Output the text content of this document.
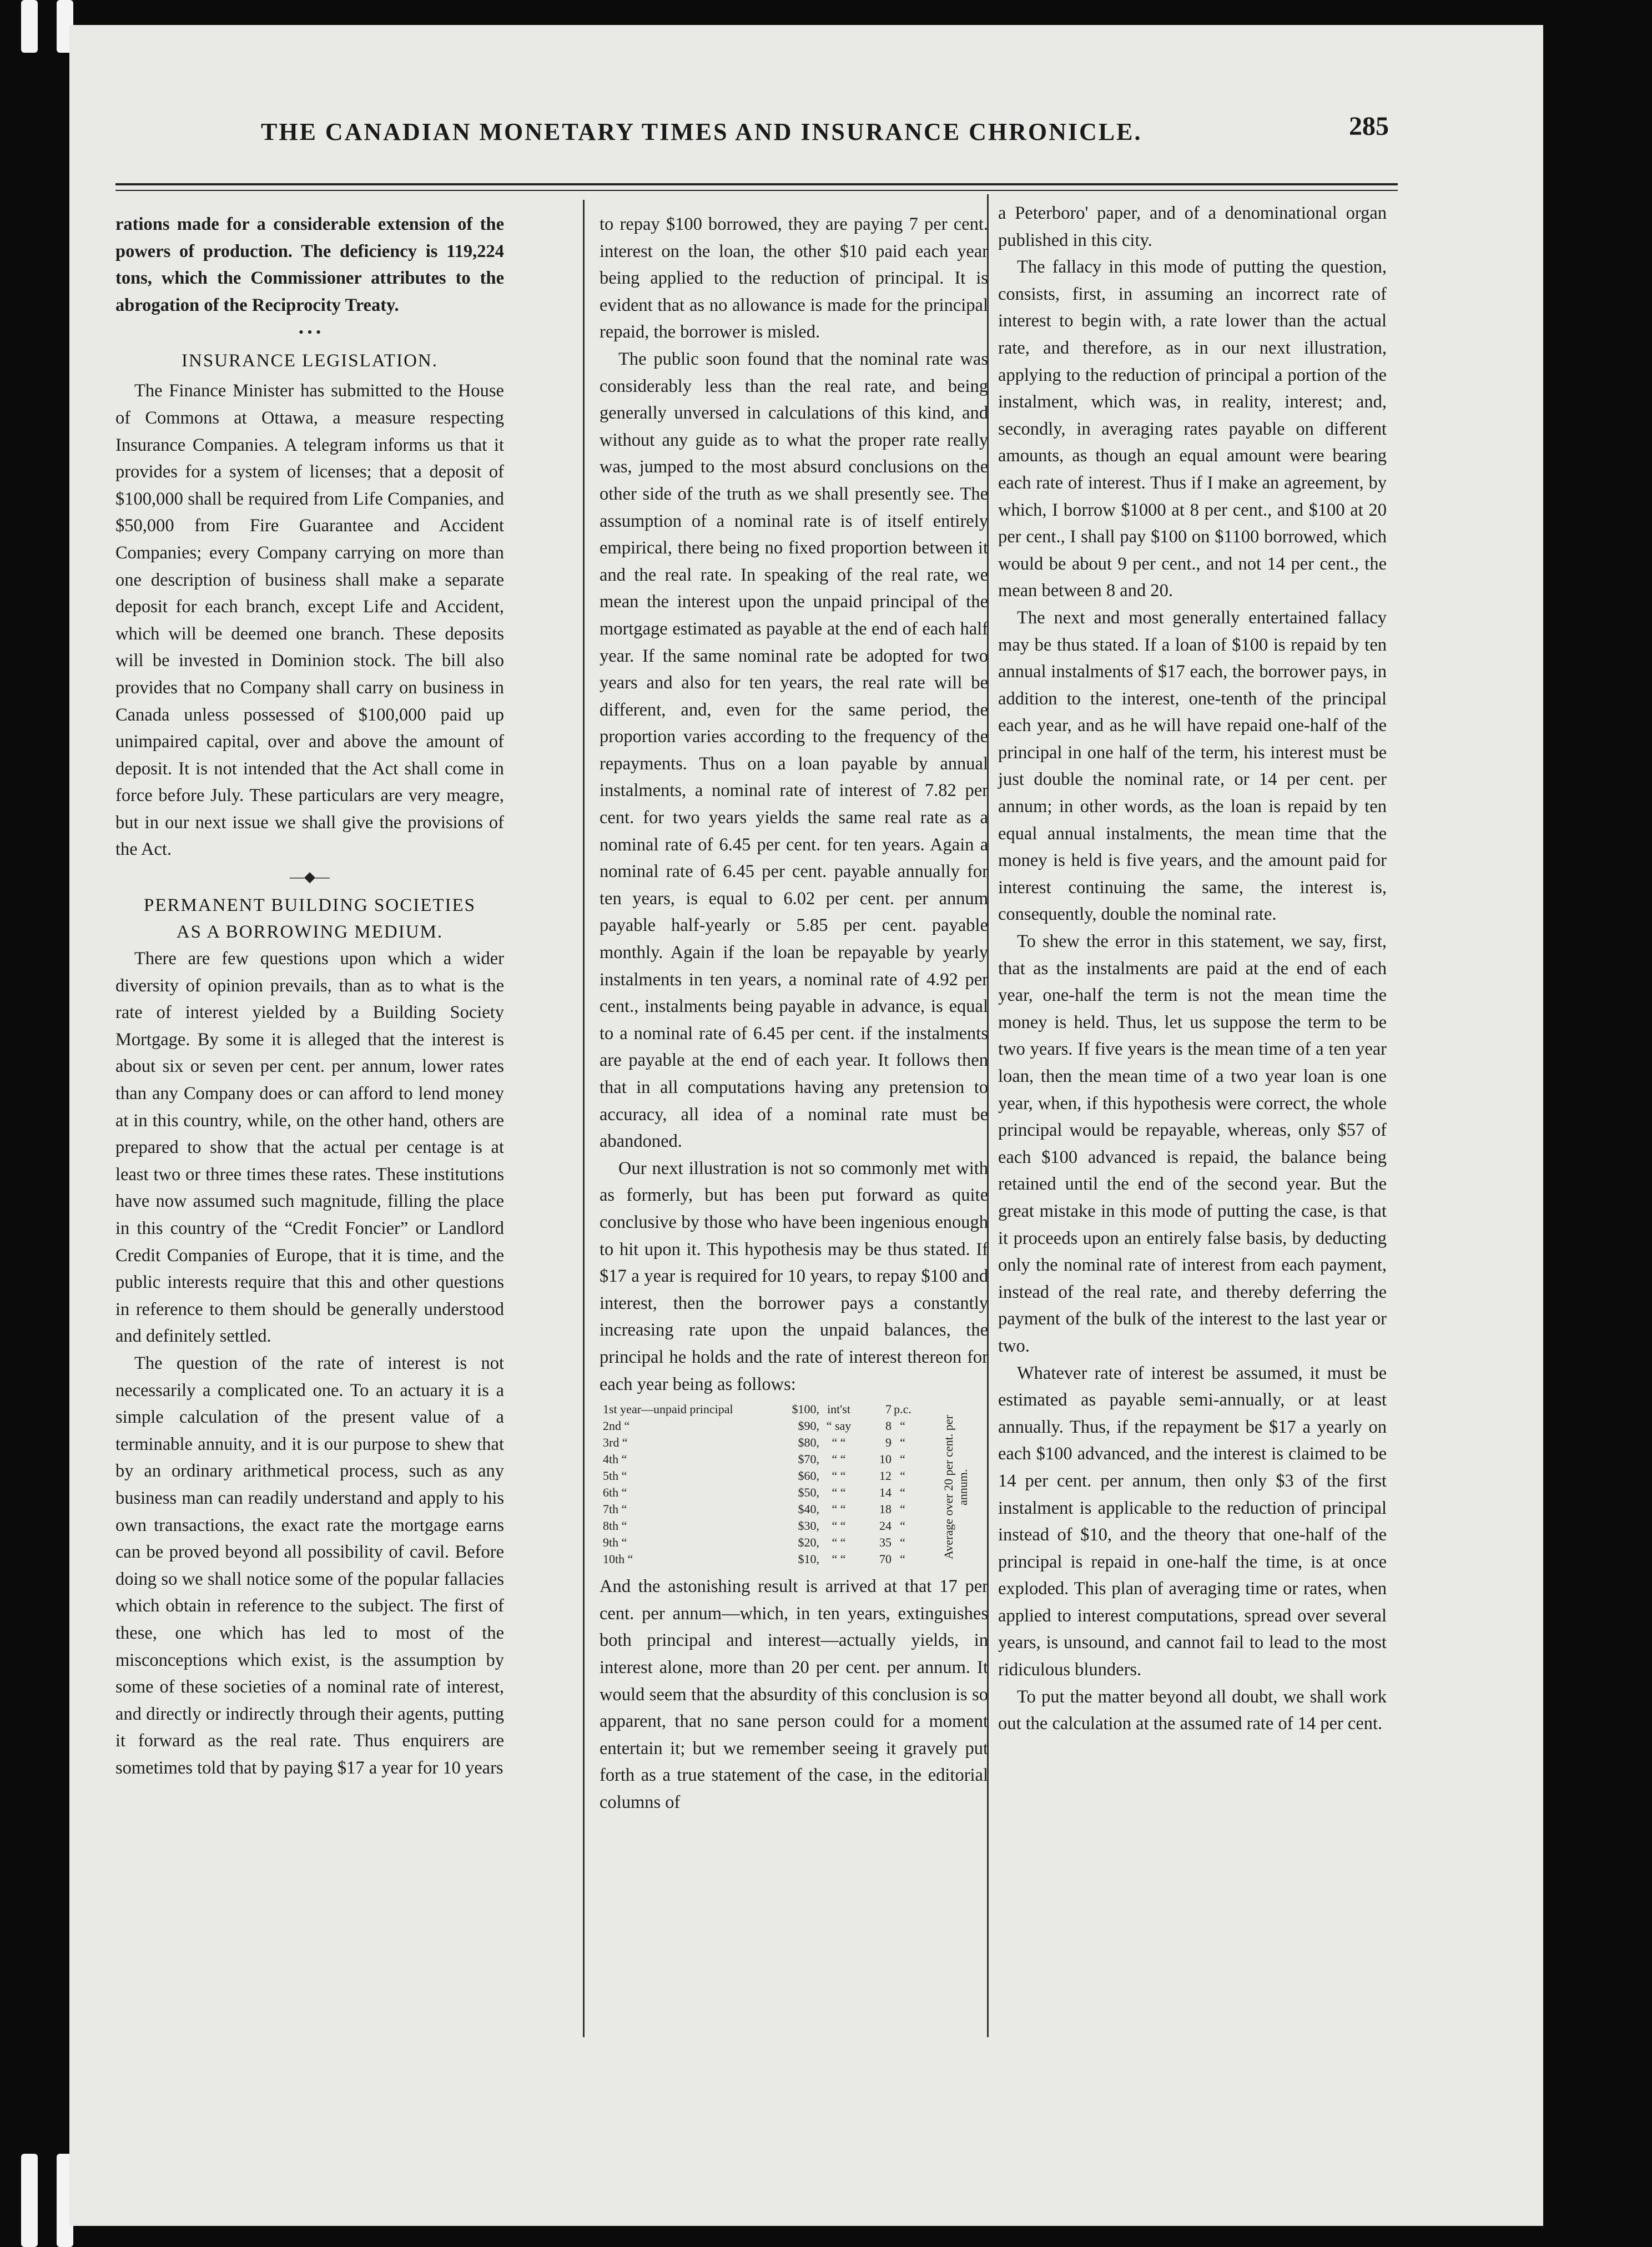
THE CANADIAN MONETARY TIMES AND INSURANCE CHRONICLE.	285

rations made for a considerable extension of the powers of production. The deficiency is 119,224 tons, which the Commissioner attributes to the abrogation of the Reciprocity Treaty.

• • •

INSURANCE LEGISLATION.

The Finance Minister has submitted to the House of Commons at Ottawa, a measure respecting Insurance Companies. A telegram informs us that it provides for a system of licenses; that a deposit of $100,000 shall be required from Life Companies, and $50,000 from Fire Guarantee and Accident Companies; every Company carrying on more than one description of business shall make a separate deposit for each branch, except Life and Accident, which will be deemed one branch. These deposits will be invested in Dominion stock. The bill also provides that no Company shall carry on business in Canada unless possessed of $100,000 paid up unimpaired capital, over and above the amount of deposit. It is not intended that the Act shall come in force before July. These particulars are very meagre, but in our next issue we shall give the provisions of the Act.

—◆—

PERMANENT BUILDING SOCIETIES
AS A BORROWING MEDIUM.

There are few questions upon which a wider diversity of opinion prevails, than as to what is the rate of interest yielded by a Building Society Mortgage. By some it is alleged that the interest is about six or seven per cent. per annum, lower rates than any Company does or can afford to lend money at in this country, while, on the other hand, others are prepared to show that the actual per centage is at least two or three times these rates. These institutions have now assumed such magnitude, filling the place in this country of the “Credit Foncier” or Landlord Credit Companies of Europe, that it is time, and the public interests require that this and other questions in reference to them should be generally understood and definitely settled.

The question of the rate of interest is not necessarily a complicated one. To an actuary it is a simple calculation of the present value of a terminable annuity, and it is our purpose to shew that by an ordinary arithmetical process, such as any business man can readily understand and apply to his own transactions, the exact rate the mortgage earns can be proved beyond all possibility of cavil. Before doing so we shall notice some of the popular fallacies which obtain in reference to the subject. The first of these, one which has led to most of the misconceptions which exist, is the assumption by some of these societies of a nominal rate of interest, and directly or indirectly through their agents, putting it forward as the real rate. Thus enquirers are sometimes told that by paying $17 a year for 10 years

to repay $100 borrowed, they are paying 7 per cent. interest on the loan, the other $10 paid each year being applied to the reduction of principal. It is evident that as no allowance is made for the principal repaid, the borrower is misled.

The public soon found that the nominal rate was considerably less than the real rate, and being generally unversed in calculations of this kind, and without any guide as to what the proper rate really was, jumped to the most absurd conclusions on the other side of the truth as we shall presently see. The assumption of a nominal rate is of itself entirely empirical, there being no fixed proportion between it and the real rate. In speaking of the real rate, we mean the interest upon the unpaid principal of the mortgage estimated as payable at the end of each half year. If the same nominal rate be adopted for two years and also for ten years, the real rate will be different, and, even for the same period, the proportion varies according to the frequency of the repayments. Thus on a loan payable by annual instalments, a nominal rate of interest of 7.82 per cent. for two years yields the same real rate as a nominal rate of 6.45 per cent. for ten years. Again a nominal rate of 6.45 per cent. payable annually for ten years, is equal to 6.02 per cent. per annum payable half-yearly or 5.85 per cent. payable monthly. Again if the loan be repayable by yearly instalments in ten years, a nominal rate of 4.92 per cent., instalments being payable in advance, is equal to a nominal rate of 6.45 per cent. if the instalments are payable at the end of each year. It follows then that in all computations having any pretension to accuracy, all idea of a nominal rate must be abandoned.

Our next illustration is not so commonly met with as formerly, but has been put forward as quite conclusive by those who have been ingenious enough to hit upon it. This hypothesis may be thus stated. If $17 a year is required for 10 years, to repay $100 and interest, then the borrower pays a constantly increasing rate upon the unpaid balances, the principal he holds and the rate of interest thereon for each year being as follows:

1st year—unpaid principal	$100, int'st	7 p.c.
2nd “	$90, “ say	8 “
3rd “	$80,	“ “	9 “
4th “	$70,	“ “	10 “
5th “	$60,	“ “	12 “
6th “	$50,	“ “	14 “
7th “	$40,	“ “	18 “
8th “	$30,	“ “	24 “
9th “	$20,	“ “	35 “
10th “	$10,	“ “	70 “	Average over 20 per cent. per annum.

And the astonishing result is arrived at that 17 per cent. per annum—which, in ten years, extinguishes both principal and interest—actually yields, in interest alone, more than 20 per cent. per annum. It would seem that the absurdity of this conclusion is so apparent, that no sane person could for a moment entertain it; but we remember seeing it gravely put forth as a true statement of the case, in the editorial columns of

a Peterboro' paper, and of a denominational organ published in this city.

The fallacy in this mode of putting the question, consists, first, in assuming an incorrect rate of interest to begin with, a rate lower than the actual rate, and therefore, as in our next illustration, applying to the reduction of principal a portion of the instalment, which was, in reality, interest; and, secondly, in averaging rates payable on different amounts, as though an equal amount were bearing each rate of interest. Thus if I make an agreement, by which, I borrow $1000 at 8 per cent., and $100 at 20 per cent., I shall pay $100 on $1100 borrowed, which would be about 9 per cent., and not 14 per cent., the mean between 8 and 20.

The next and most generally entertained fallacy may be thus stated. If a loan of $100 is repaid by ten annual instalments of $17 each, the borrower pays, in addition to the interest, one-tenth of the principal each year, and as he will have repaid one-half of the principal in one half of the term, his interest must be just double the nominal rate, or 14 per cent. per annum; in other words, as the loan is repaid by ten equal annual instalments, the mean time that the money is held is five years, and the amount paid for interest continuing the same, the interest is, consequently, double the nominal rate.

To shew the error in this statement, we say, first, that as the instalments are paid at the end of each year, one-half the term is not the mean time the money is held. Thus, let us suppose the term to be two years. If five years is the mean time of a ten year loan, then the mean time of a two year loan is one year, when, if this hypothesis were correct, the whole principal would be repayable, whereas, only $57 of each $100 advanced is repaid, the balance being retained until the end of the second year. But the great mistake in this mode of putting the case, is that it proceeds upon an entirely false basis, by deducting only the nominal rate of interest from each payment, instead of the real rate, and thereby deferring the payment of the bulk of the interest to the last year or two.

Whatever rate of interest be assumed, it must be estimated as payable semi-annually, or at least annually. Thus, if the repayment be $17 a yearly on each $100 advanced, and the interest is claimed to be 14 per cent. per annum, then only $3 of the first instalment is applicable to the reduction of principal instead of $10, and the theory that one-half of the principal is repaid in one-half the time, is at once exploded. This plan of averaging time or rates, when applied to interest computations, spread over several years, is unsound, and cannot fail to lead to the most ridiculous blunders.

To put the matter beyond all doubt, we shall work out the calculation at the assumed rate of 14 per cent.
